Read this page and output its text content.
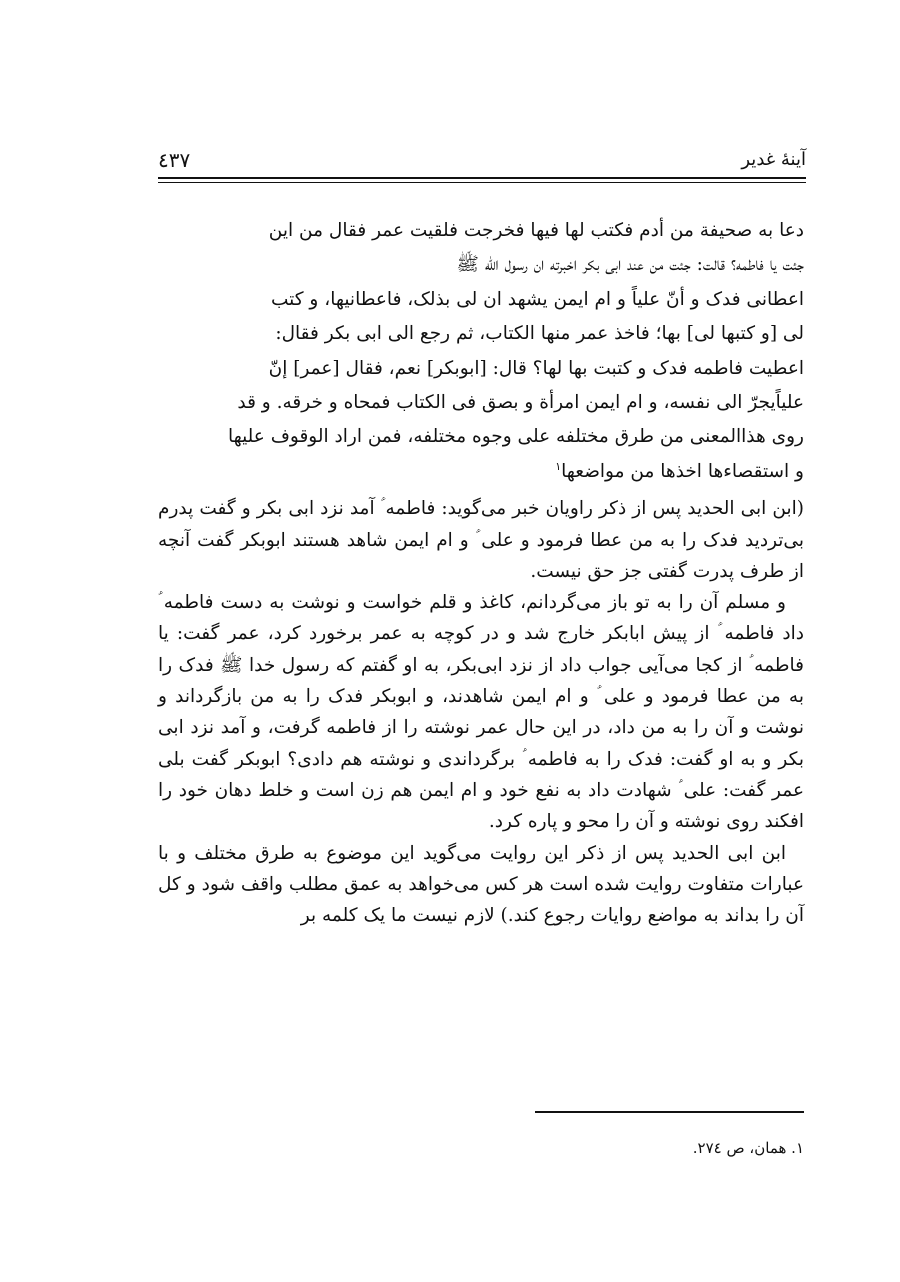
آینهٔ غدیر
٤٣٧

دعا به صحیفة من أدم فکتب لها فیها فخرجت فلقیت عمر فقال من این

جئت یا فاطمه؟ قالت: جئت من عند ابی بکر اخبرته ان رسول الله ﷺ

اعطانی فدک و أنّ علیاً و ام ایمن یشهد ان لی بذلک، فاعطانیها، و کتب

لی [و کتبها لی] بها؛ فاخذ عمر منها الکتاب، ثم رجع الی ابی بکر فقال:

اعطیت فاطمه فدک و کتبت بها لها؟ قال: [ابوبکر] نعم، فقال [عمر] إنّ

علیاًیجرّ الی نفسه، و ام ایمن امرأة و بصق فی الکتاب فمحاه و خرقه. و قد

روی هذاالمعنی من طرق مختلفه علی وجوه مختلفه، فمن اراد الوقوف علیها

و استقصاءها اخذها من مواضعها$^١$

(ابن ابی الحدید پس از ذکر راویان خبر می‌گوید: فاطمه ؑ آمد نزد ابی بکر و گفت پدرم بی‌تردید فدک را به من عطا فرمود و علی ؑ و ام ایمن شاهد هستند ابوبکر گفت آنچه از طرف پدرت گفتی جز حق نیست.

و مسلم آن را به تو باز می‌گردانم، کاغذ و قلم خواست و نوشت به دست فاطمه ؑ داد فاطمه ؑ از پیش ابابکر خارج شد و در کوچه به عمر برخورد کرد، عمر گفت: یا فاطمه ؑ از کجا می‌آیی جواب داد از نزد ابی‌بکر، به او گفتم که رسول خدا ﷺ فدک را به من عطا فرمود و علی ؑ و ام ایمن شاهدند، و ابوبکر فدک را به من بازگرداند و نوشت و آن را به من داد، در این حال عمر نوشته را از فاطمه گرفت، و آمد نزد ابی بکر و به او گفت: فدک را به فاطمه ؑ برگرداندی و نوشته هم دادی؟ ابوبکر گفت بلی عمر گفت: علی ؑ شهادت داد به نفع خود و ام ایمن هم زن است و خلط دهان خود را افکند روی نوشته و آن را محو و پاره کرد.

ابن ابی الحدید پس از ذکر این روایت می‌گوید این موضوع به طرق مختلف و با عبارات متفاوت روایت شده است هر کس می‌خواهد به عمق مطلب واقف شود و کل آن را بداند به مواضع روایات رجوع کند.) لازم نیست ما یک کلمه بر

١. همان، ص ٢٧٤.
